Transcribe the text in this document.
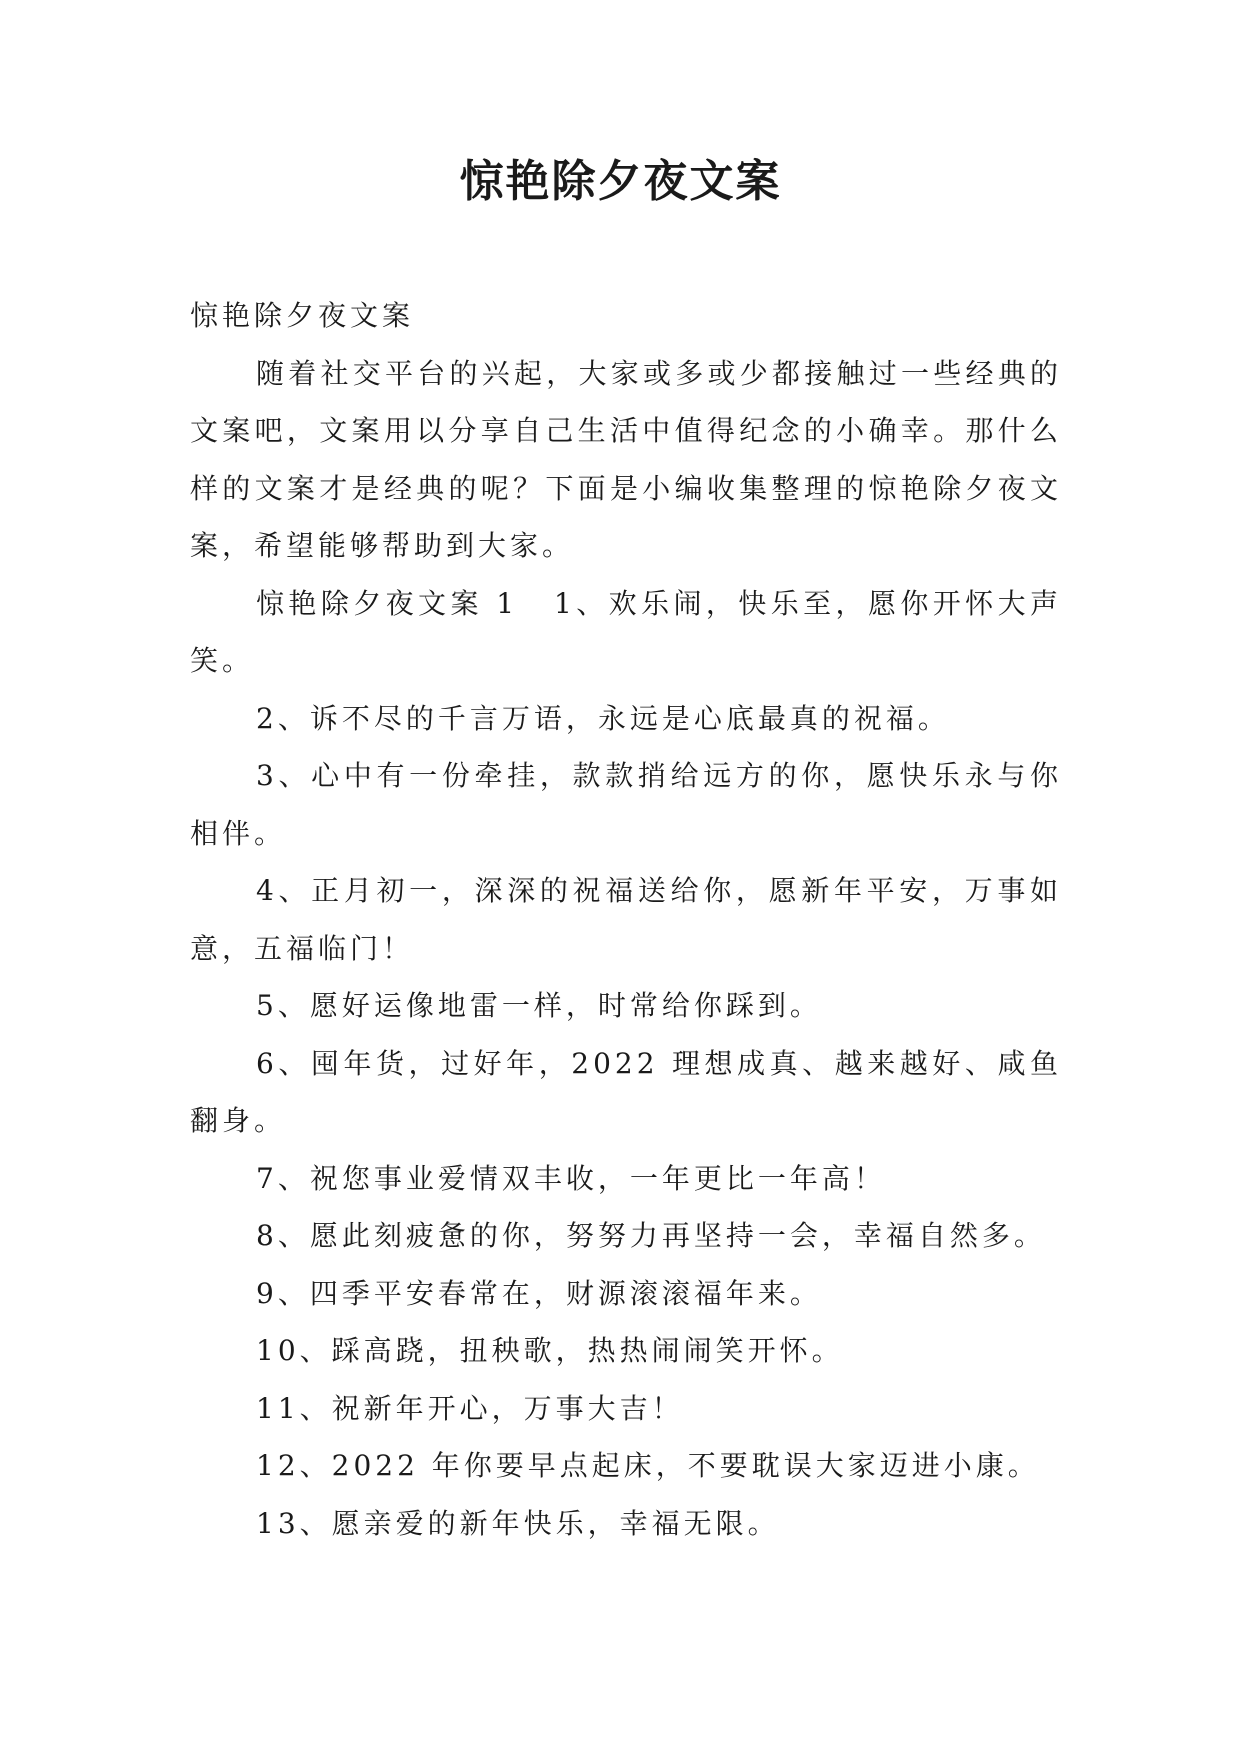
惊艳除夕夜文案

惊艳除夕夜文案

随着社交平台的兴起，大家或多或少都接触过一些经典的文案吧，文案用以分享自己生活中值得纪念的小确幸。那什么样的文案才是经典的呢？下面是小编收集整理的惊艳除夕夜文案，希望能够帮助到大家。

惊艳除夕夜文案 1 1、欢乐闹，快乐至，愿你开怀大声笑。

2、诉不尽的千言万语，永远是心底最真的祝福。

3、心中有一份牵挂，款款捎给远方的你，愿快乐永与你相伴。

4、正月初一，深深的祝福送给你，愿新年平安，万事如意，五福临门！

5、愿好运像地雷一样，时常给你踩到。

6、囤年货，过好年，2022 理想成真、越来越好、咸鱼翻身。

7、祝您事业爱情双丰收，一年更比一年高！

8、愿此刻疲惫的你，努努力再坚持一会，幸福自然多。

9、四季平安春常在，财源滚滚福年来。

10、踩高跷，扭秧歌，热热闹闹笑开怀。

11、祝新年开心，万事大吉！

12、2022 年你要早点起床，不要耽误大家迈进小康。

13、愿亲爱的新年快乐，幸福无限。
